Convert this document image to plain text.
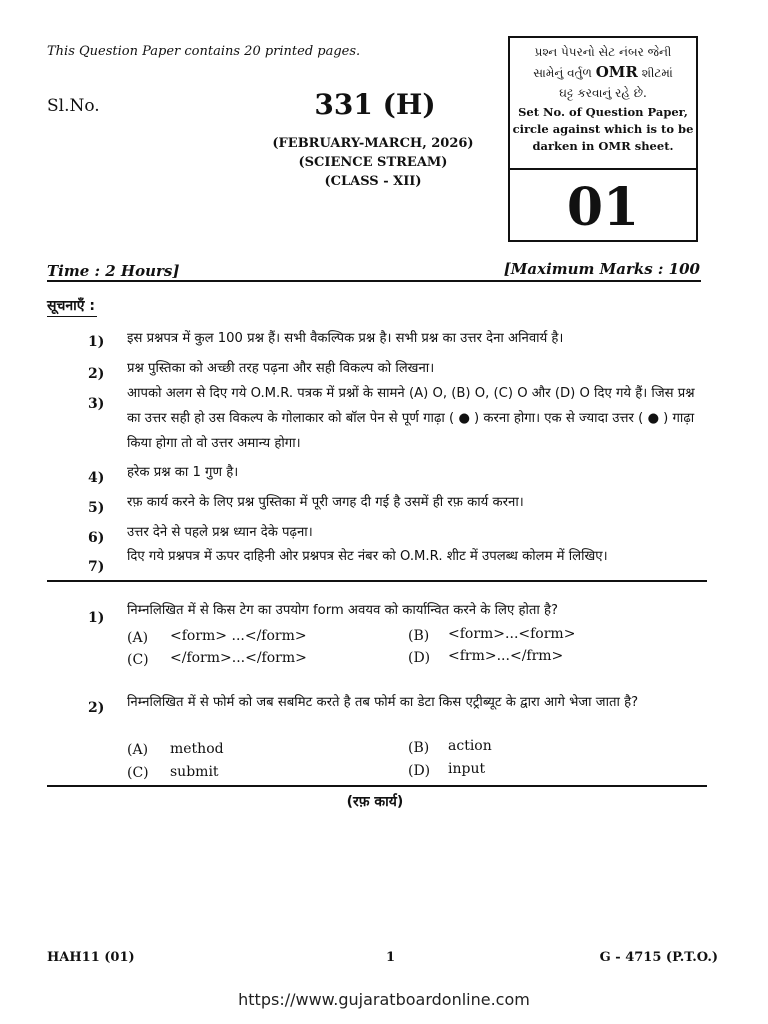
This Question Paper contains 20 printed pages.
Sl.No.	331 (H)
(FEBRUARY-MARCH, 2026)
(SCIENCE STREAM)
(CLASS - XII)
પ્રશ્ન પેપરનો સેટ નંબર જેની
સામેનું વર્તુળ OMR શીટમાં
ઘટ્ટ કરવાનું રહે છે.
Set No. of Question Paper,
circle against which is to be
darken in OMR sheet.
01
Time : 2 Hours]	[Maximum Marks : 100
सूचनाएँ :
1) इस प्रश्नपत्र में कुल 100 प्रश्न हैं। सभी वैकल्पिक प्रश्न है। सभी प्रश्न का उत्तर देना अनिवार्य है।
2) प्रश्न पुस्तिका को अच्छी तरह पढ़ना और सही विकल्प को लिखना।
3)
आपको अलग से दिए गये O.M.R. पत्रक में प्रश्नों के सामने (A) O, (B) O, (C) O और (D) O दिए गये हैं। जिस प्रश्न का उत्तर सही हो उस विकल्प के गोलाकार को बॉल पेन से पूर्ण गाढ़ा ( ● ) करना होगा। एक से ज्यादा उत्तर ( ● ) गाढ़ा किया होगा तो वो उत्तर अमान्य होगा।
4) हरेक प्रश्न का 1 गुण है।
5) रफ़ कार्य करने के लिए प्रश्न पुस्तिका में पूरी जगह दी गई है उसमें ही रफ़ कार्य करना।
6) उत्तर देने से पहले प्रश्न ध्यान देके पढ़ना।
7)
दिए गये प्रश्नपत्र में ऊपर दाहिनी ओर प्रश्नपत्र सेट नंबर को O.M.R. शीट में उपलब्ध कोलम में लिखिए।
1) निम्नलिखित में से किस टेग का उपयोग form अवयव को कार्यान्वित करने के लिए होता है?
(A) <form> ...</form>	(B) <form>...<form>
(C) </form>...</form>	(D) <frm>...</frm>
2) निम्नलिखित में से फोर्म को जब सबमिट करते है तब फोर्म का डेटा किस एट्रीब्यूट के द्वारा आगे भेजा जाता है?
(A) method	(B) action
(C) submit	(D) input
(रफ़ कार्य)
HAH11 (01)	1	G - 4715 (P.T.O.)
https://www.gujaratboardonline.com
